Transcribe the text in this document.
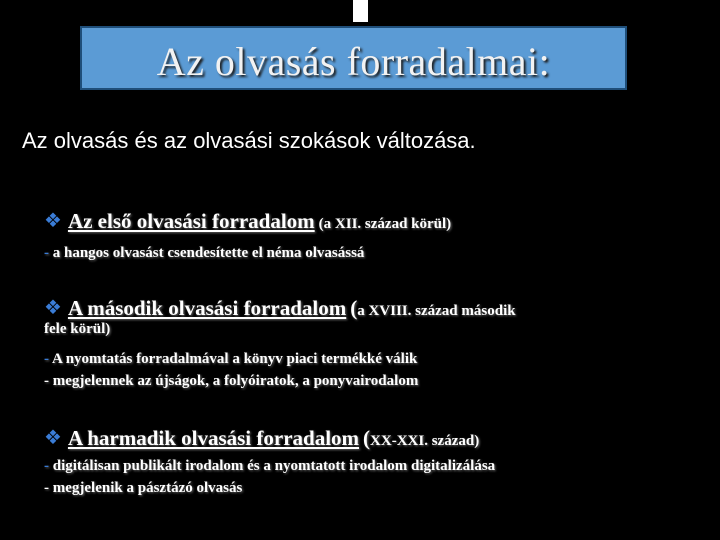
Az olvasás forradalmai:
Az olvasás és az olvasási szokások változása.
❖ Az első olvasási forradalom (a XII. század körül)
- a hangos olvasást csendesítette el néma olvasássá
❖ A második olvasási forradalom (a XVIII. század második
fele körül)
- A nyomtatás forradalmával a könyv piaci termékké válik
- megjelennek az újságok, a folyóiratok, a ponyvairodalom
❖ A harmadik olvasási forradalom (XX-XXI. század)
- digitálisan publikált irodalom és a nyomtatott irodalom digitalizálása
- megjelenik a pásztázó olvasás
